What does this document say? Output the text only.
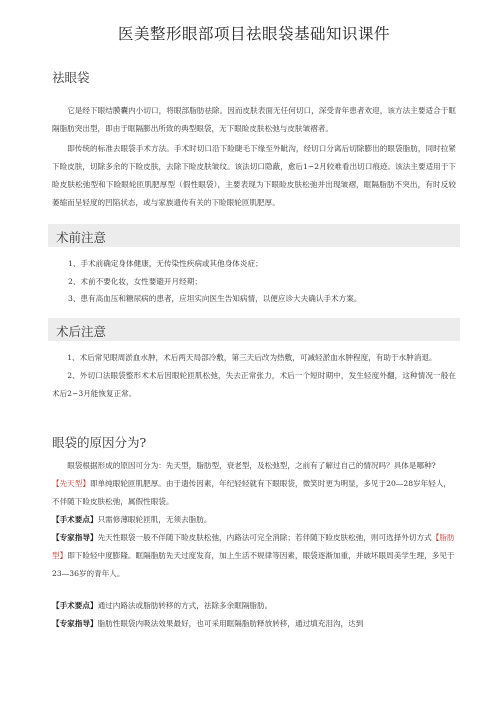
医美整形眼部项目祛眼袋基础知识课件
祛眼袋

它是经下眼结膜囊内小切口，将眼部脂肪祛除。因而皮肤表面无任何切口，深受青年患者欢迎，该方法主要适合于眶隔脂肪突出型，即由于眶隔膨出所致的典型眼袋，无下眼睑皮肤松弛与皮肤皱褶者。

即传统的标准去眼袋手术方法。手术时切口沿下睑睫毛下缘至外眦沟，经切口分离后切除膨出的眼袋脂肪，同时拉紧下睑皮肤，切除多余的下睑皮肤，去除下睑皮肤皱纹。该法切口隐蔽，愈后1∽2月较难看出切口痕迹。该法主要适用于下睑皮肤松弛型和下睑眼轮匝肌肥厚型（假性眼袋），主要表现为下眼睑皮肤松弛并出现皱褶，眶隔脂肪不突出，有时反较萎缩而呈轻度的凹陷状态，或与家族遗传有关的下睑眼轮匝肌肥厚。

术前注意

1、手术前确定身体健康，无传染性疾病或其他身体炎症；

2、术前不要化妆，女性要避开月经期；

3、患有高血压和糖尿病的患者，应坦实向医生告知病情，以便应诊大夫确认手术方案。

术后注意

1、术后常见眼周淤血水肿，术后两天局部冷敷，第三天后改为热敷，可减轻淤血水肿程度，有助于水肿消退。

2、外切口法眼袋整形术术后因眼轮匝肌松弛，失去正常张力，术后一个短时期中，发生轻度外翻，这种情况一般在术后2∽3月能恢复正常。

眼袋的原因分为?

眼袋根据形成的原因可分为：先天型，脂肪型，衰老型，及松弛型，之前有了解过自己的情况吗？具体是哪种?

【先天型】即单纯眼轮匝肌肥厚。由于遗传因素，年纪轻轻就有下眼眼袋，微笑时更为明显，多见于20—28岁年轻人，不伴随下睑皮肤松弛，属假性眼袋。

【手术要点】只需修薄眼轮匝肌，无须去脂肪。

【专家指导】先天性眼袋一般不伴随下睑皮肤松弛，内路法可完全消除；若伴随下睑皮肤松弛，则可选择外切方式【脂肪型】即下睑轻中度膨隆。眶隔脂肪先天过度发育，加上生活不规律等因素，眼袋逐渐加重，并破坏眼周美学生理，多见于23—36岁的青年人。

【手术要点】通过内路法或脂肪转移的方式，祛除多余眶隔脂肪。

【专家指导】脂肪性眼袋内吸法效果最好，也可采用眶隔脂肪释放转移，通过填充泪沟，达到
